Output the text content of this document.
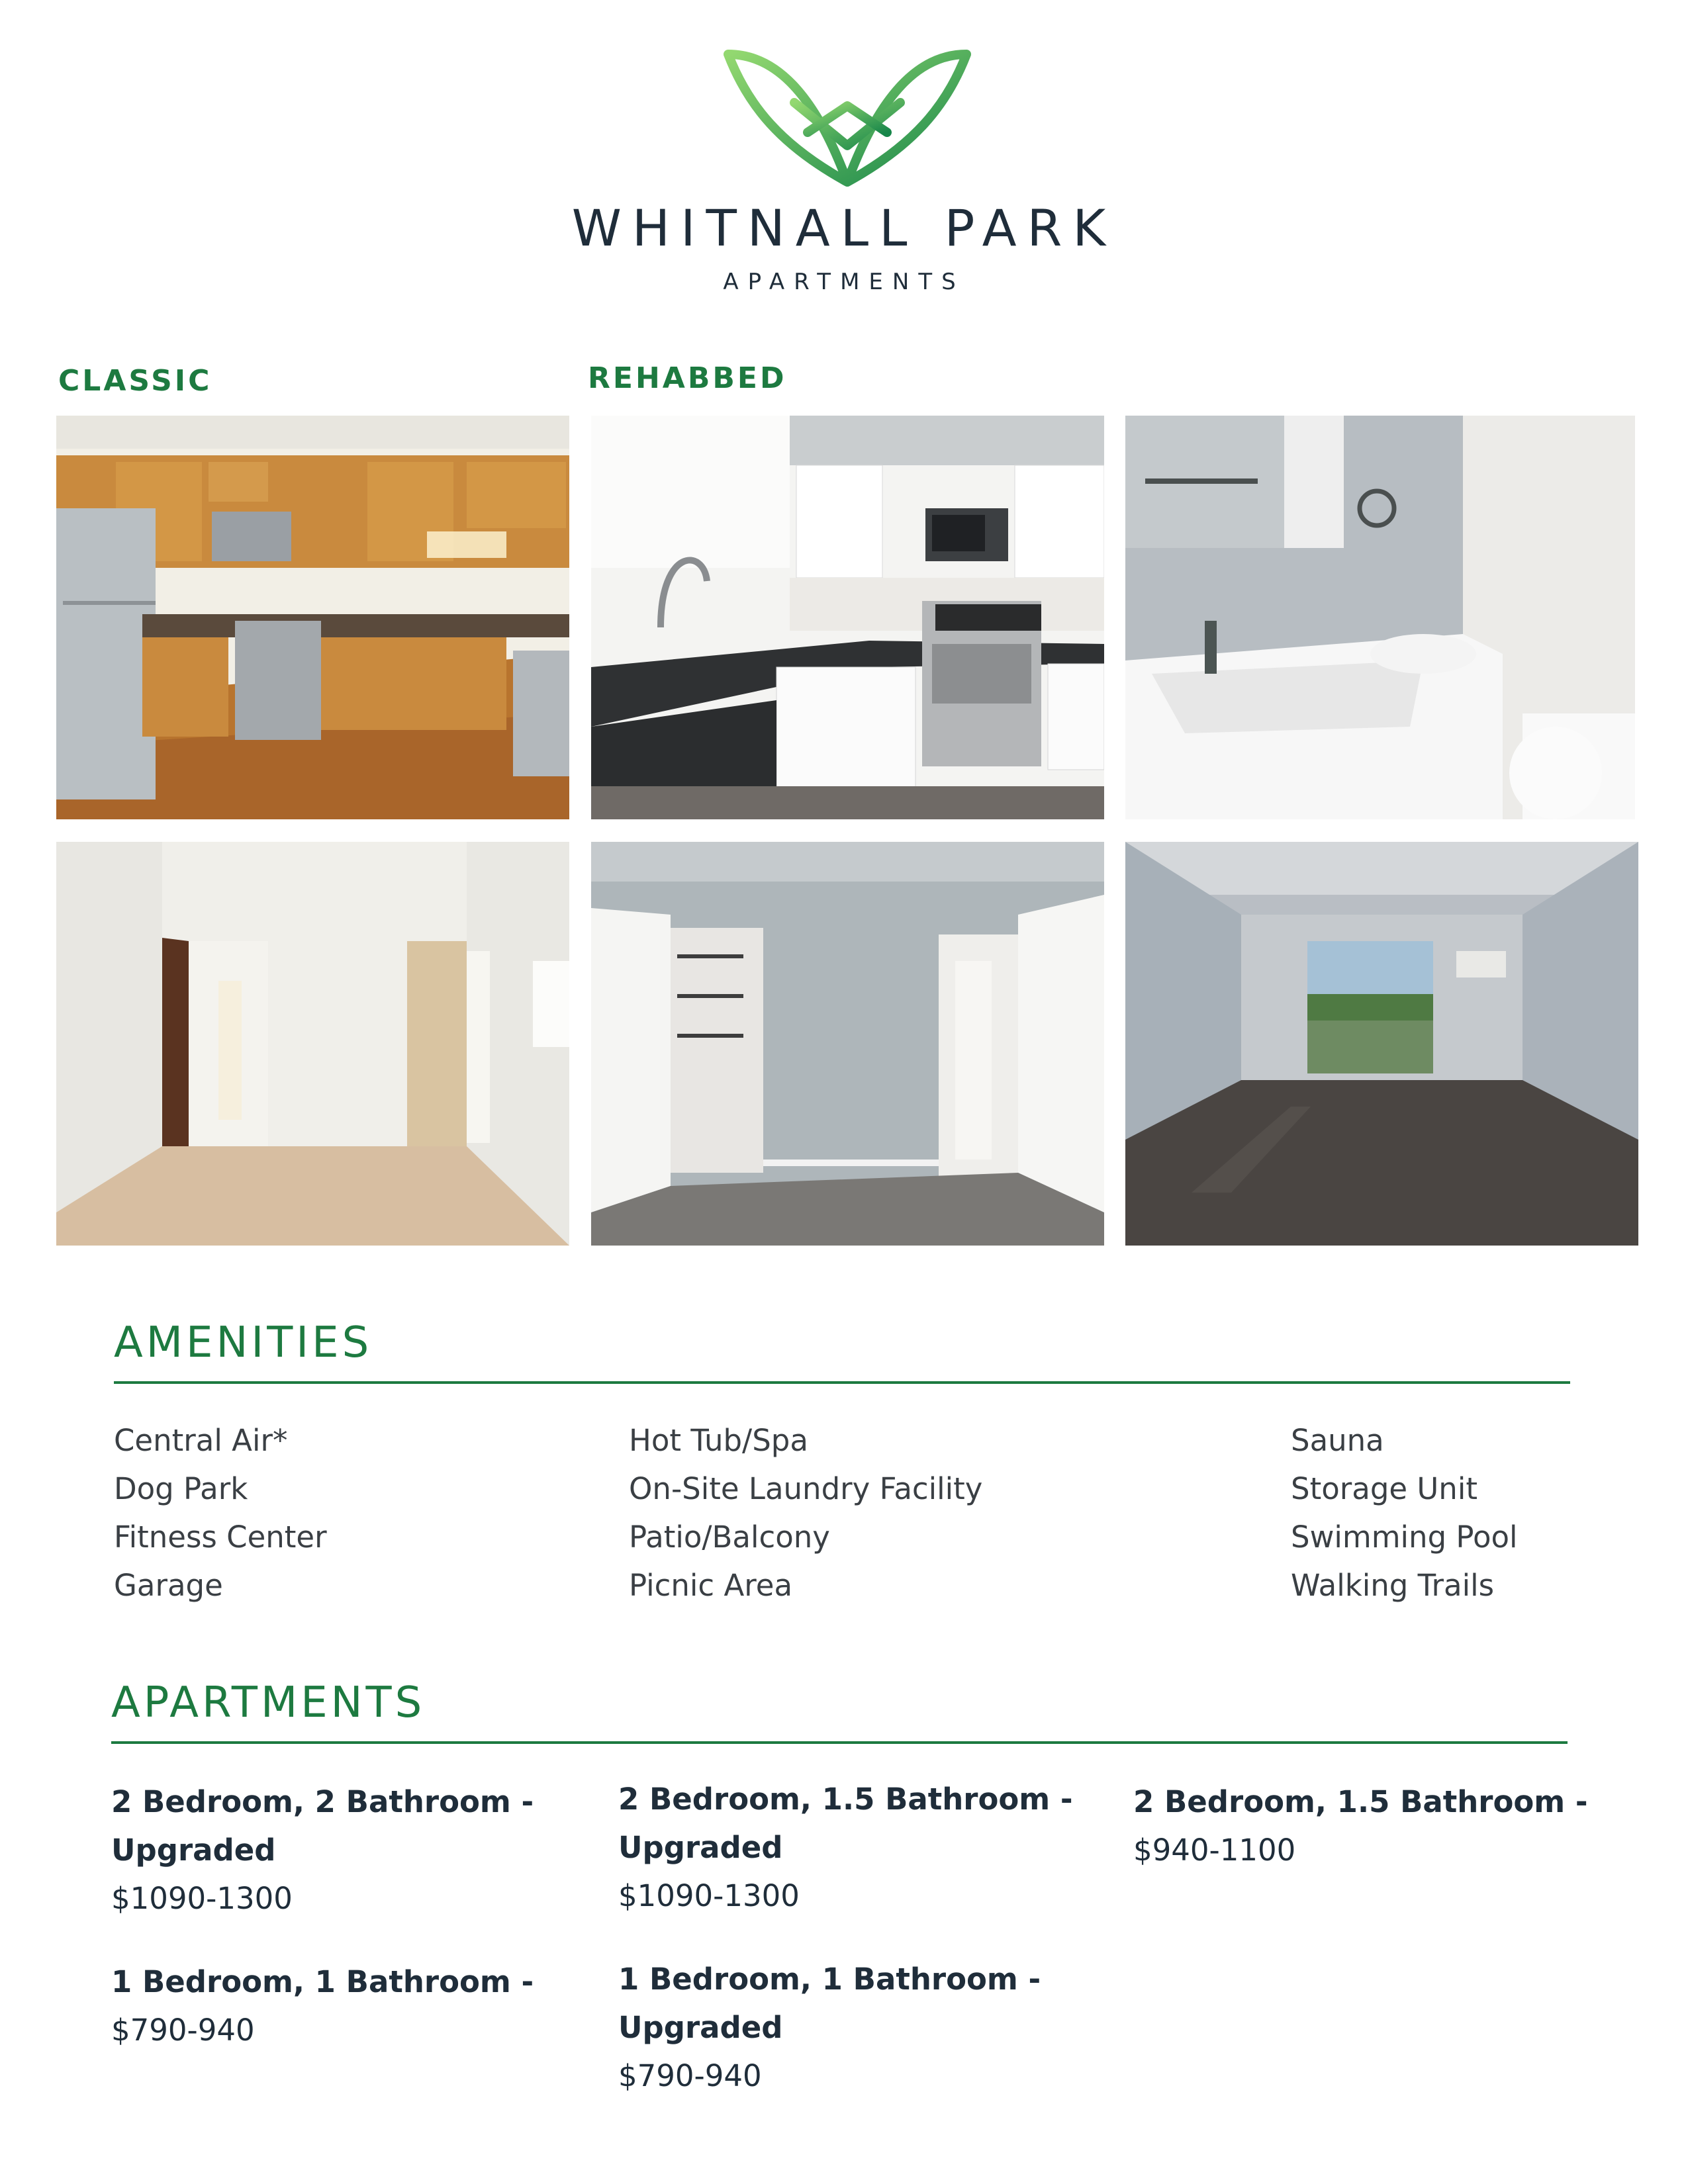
WHITNALL PARK
APARTMENTS
CLASSIC	REHABBED
AMENITIES
Central Air*
Dog Park
Fitness Center
Garage
Hot Tub/Spa
On-Site Laundry Facility
Patio/Balcony
Picnic Area
Sauna
Storage Unit
Swimming Pool
Walking Trails
APARTMENTS
2 Bedroom, 2 Bathroom - Upgraded
$1090-1300
2 Bedroom, 1.5 Bathroom - Upgraded
$1090-1300
2 Bedroom, 1.5 Bathroom -
$940-1100
1 Bedroom, 1 Bathroom -
$790-940
1 Bedroom, 1 Bathroom - Upgraded
$790-940
